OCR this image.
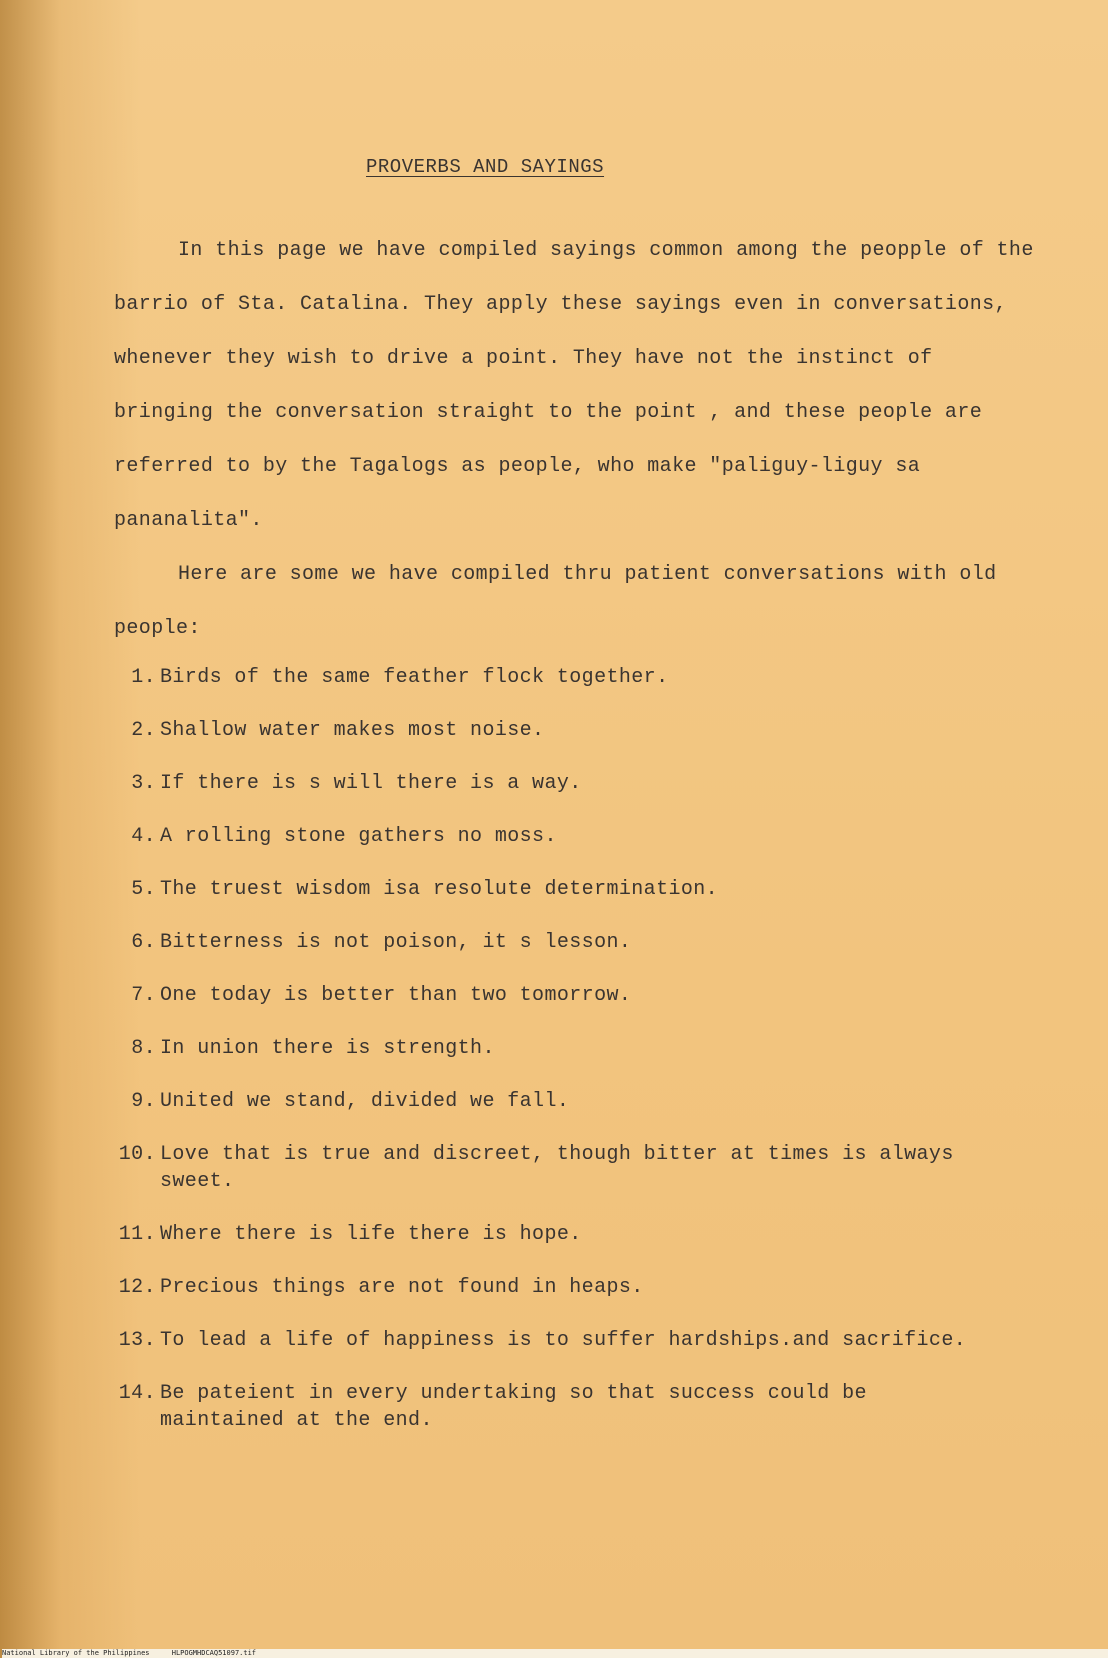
PROVERBS AND SAYINGS

In this page we have compiled sayings common among the peopple of the barrio of Sta. Catalina. They apply these sayings even in conversations, whenever they wish to drive a point. They have not the instinct of bringing the conversation straight to the point , and these people are referred to by the Tagalogs as people, who make "paliguy-liguy sa pananalita".

Here are some we have compiled thru patient conversations with old people:

1. Birds of the same feather flock together.
2. Shallow water makes most noise.
3. If there is s will there is a way.
4. A rolling stone gathers no moss.
5. The truest wisdom isa resolute determination.
6. Bitterness is not poison, it s lesson.
7. One today is better than two tomorrow.
8. In union there is strength.
9. United we stand, divided we fall.
10. Love that is true and discreet, though bitter at times is always sweet.
11. Where there is life there is hope.
12. Precious things are not found in heaps.
13. To lead a life of happiness is to suffer hardships.and sacrifice.
14. Be pateient in every undertaking so that success could be maintained at the end.
National Library of the Philippines	HLPOGMHDCAQ51097.tif
